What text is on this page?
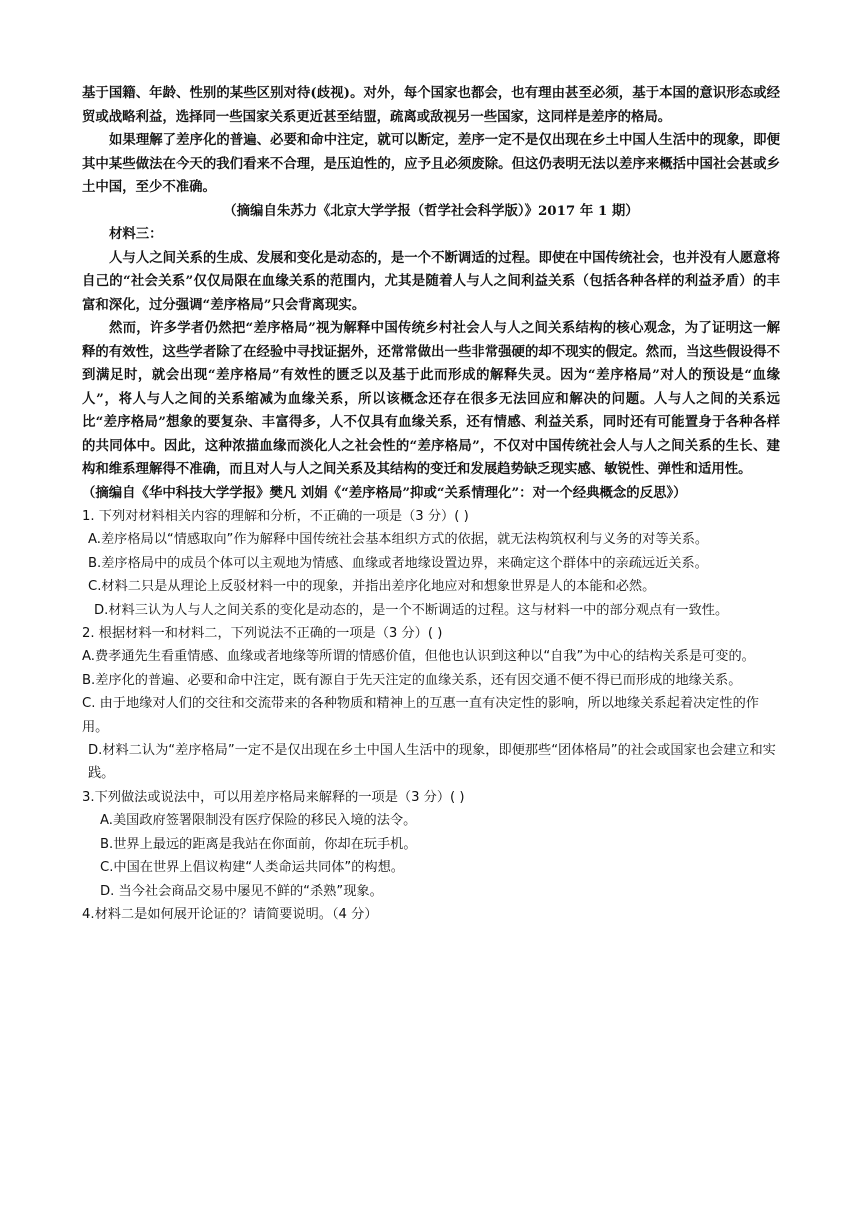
基于国籍、年龄、性别的某些区别对待(歧视)。对外，每个国家也都会，也有理由甚至必须，基于本国的意识形态或经贸或战略利益，选择同一些国家关系更近甚至结盟，疏离或敌视另一些国家，这同样是差序的格局。

如果理解了差序化的普遍、必要和命中注定，就可以断定，差序一定不是仅出现在乡土中国人生活中的现象，即便其中某些做法在今天的我们看来不合理，是压迫性的，应予且必须废除。但这仍表明无法以差序来概括中国社会甚或乡土中国，至少不准确。

（摘编自朱苏力《北京大学学报（哲学社会科学版）》2017 年 1 期）

材料三：

人与人之间关系的生成、发展和变化是动态的，是一个不断调适的过程。即使在中国传统社会，也并没有人愿意将自己的“社会关系”仅仅局限在血缘关系的范围内，尤其是随着人与人之间利益关系（包括各种各样的利益矛盾）的丰富和深化，过分强调“差序格局”只会背离现实。

然而，许多学者仍然把“差序格局”视为解释中国传统乡村社会人与人之间关系结构的核心观念，为了证明这一解释的有效性，这些学者除了在经验中寻找证据外，还常常做出一些非常强硬的却不现实的假定。然而，当这些假设得不到满足时，就会出现“差序格局”有效性的匮乏以及基于此而形成的解释失灵。因为“差序格局”对人的预设是“血缘人”，将人与人之间的关系缩减为血缘关系，所以该概念还存在很多无法回应和解决的问题。人与人之间的关系远比“差序格局”想象的要复杂、丰富得多，人不仅具有血缘关系，还有情感、利益关系，同时还有可能置身于各种各样的共同体中。因此，这种浓描血缘而淡化人之社会性的“差序格局”，不仅对中国传统社会人与人之间关系的生长、建构和维系理解得不准确，而且对人与人之间关系及其结构的变迁和发展趋势缺乏现实感、敏锐性、弹性和适用性。

（摘编自《华中科技大学学报》樊凡 刘娟《“差序格局”抑或“关系情理化”：对一个经典概念的反思》）

1. 下列对材料相关内容的理解和分析，不正确的一项是（3 分）( )

A.差序格局以“情感取向”作为解释中国传统社会基本组织方式的依据，就无法构筑权利与义务的对等关系。

B.差序格局中的成员个体可以主观地为情感、血缘或者地缘设置边界，来确定这个群体中的亲疏远近关系。

C.材料二只是从理论上反驳材料一中的现象，并指出差序化地应对和想象世界是人的本能和必然。

D.材料三认为人与人之间关系的变化是动态的，是一个不断调适的过程。这与材料一中的部分观点有一致性。

2. 根据材料一和材料二，下列说法不正确的一项是（3 分）( )

A.费孝通先生看重情感、血缘或者地缘等所谓的情感价值，但他也认识到这种以“自我”为中心的结构关系是可变的。

B.差序化的普遍、必要和命中注定，既有源自于先天注定的血缘关系，还有因交通不便不得已而形成的地缘关系。

C. 由于地缘对人们的交往和交流带来的各种物质和精神上的互惠一直有决定性的影响，所以地缘关系起着决定性的作用。

D.材料二认为“差序格局”一定不是仅出现在乡土中国人生活中的现象，即便那些“团体格局”的社会或国家也会建立和实践。

3.下列做法或说法中，可以用差序格局来解释的一项是（3 分）( )

A.美国政府签署限制没有医疗保险的移民入境的法令。

B.世界上最远的距离是我站在你面前，你却在玩手机。

C.中国在世界上倡议构建“人类命运共同体”的构想。

D. 当今社会商品交易中屡见不鲜的“杀熟”现象。

4.材料二是如何展开论证的？请简要说明。（4 分）
